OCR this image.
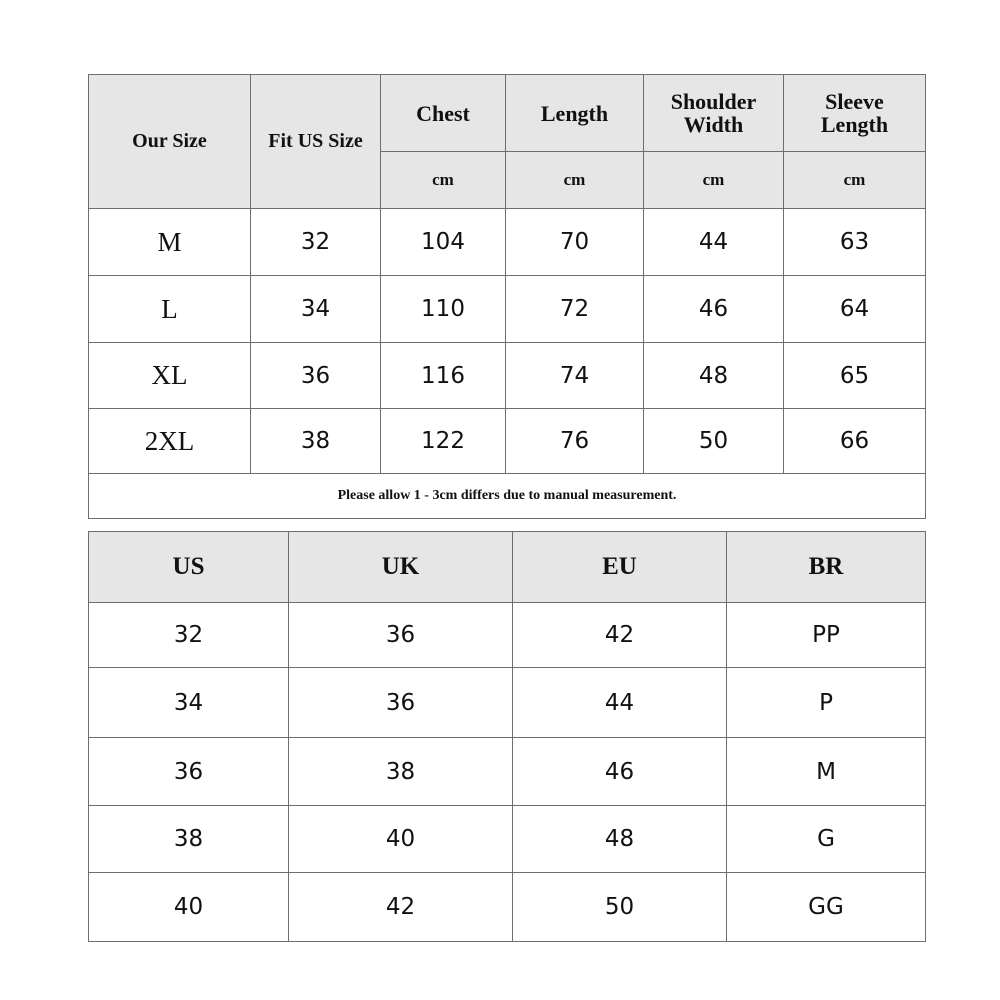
Our Size	Fit US Size	Chest	Length	Shoulder Width	Sleeve Length
		cm	cm	cm	cm
M	32	104	70	44	63
L	34	110	72	46	64
XL	36	116	74	48	65
2XL	38	122	76	50	66
Please allow 1 - 3cm differs due to manual measurement.					
US	UK	EU	BR
32	36	42	PP
34	36	44	P
36	38	46	M
38	40	48	G
40	42	50	GG
